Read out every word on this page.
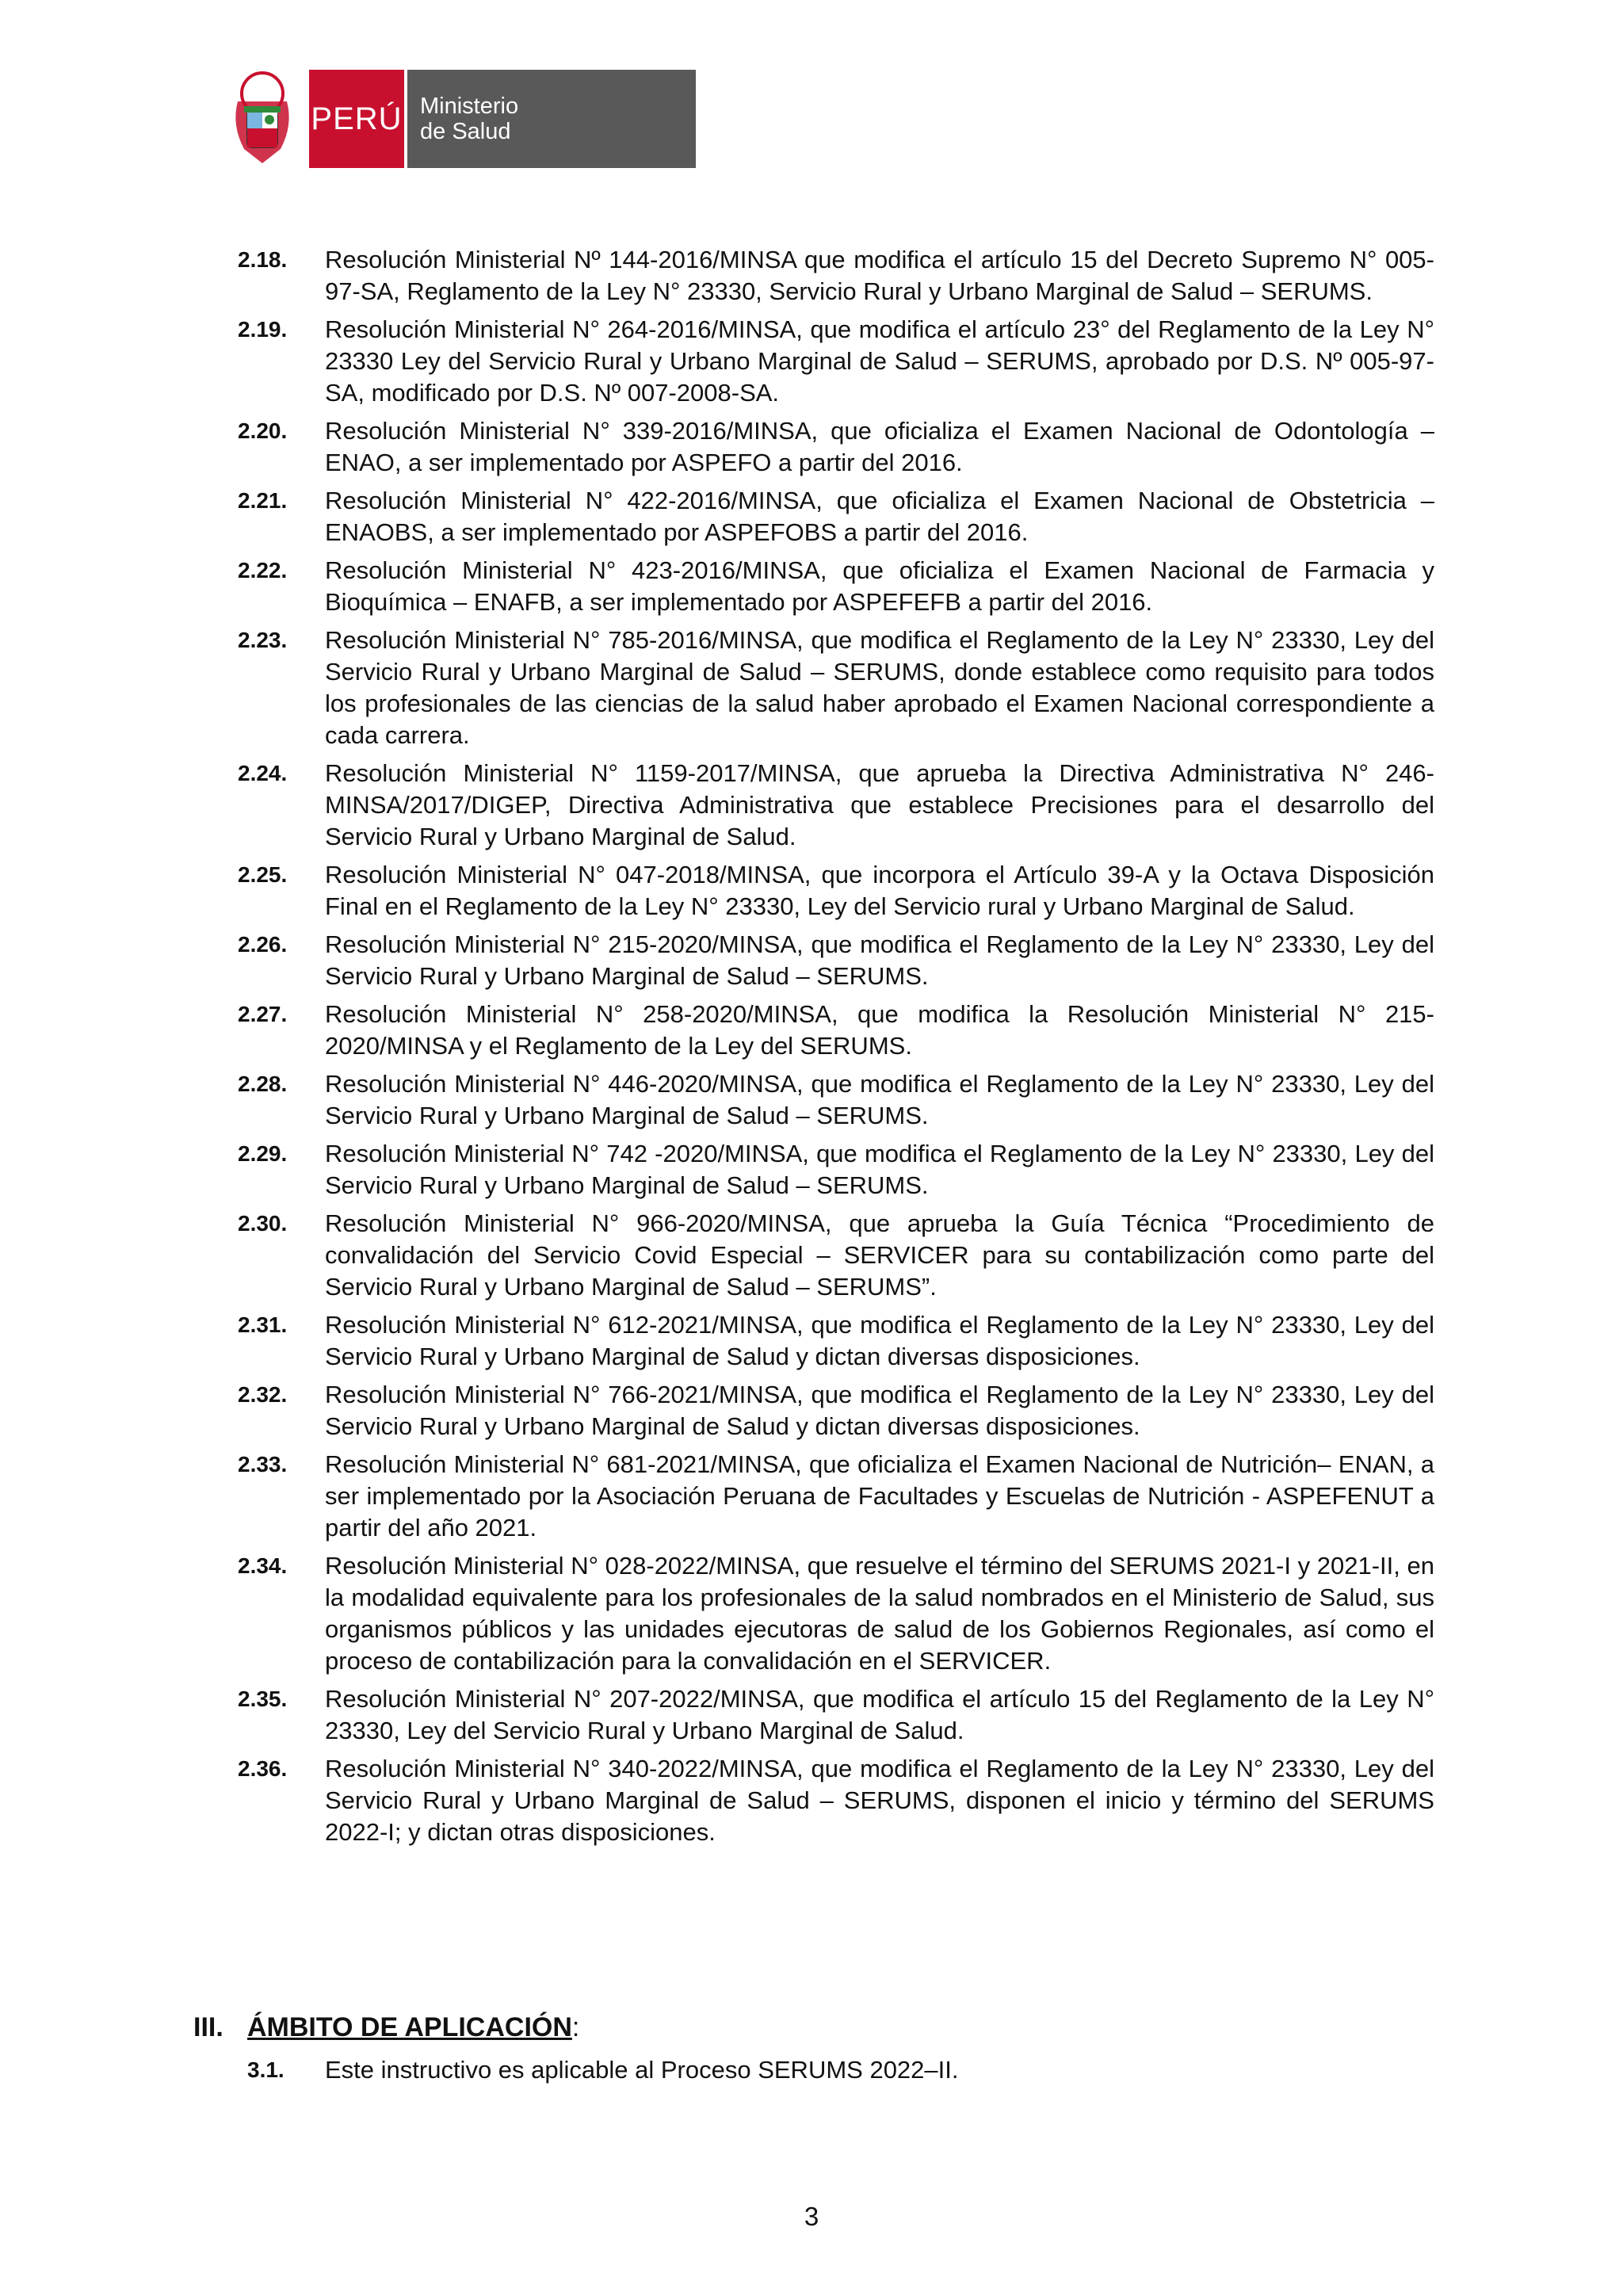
PERÚ Ministerio
de Salud
2.18.	Resolución Ministerial Nº 144-2016/MINSA que modifica el artículo 15 del Decreto Supremo N° 005-97-SA, Reglamento de la Ley N° 23330, Servicio Rural y Urbano Marginal de Salud – SERUMS.
2.19.	Resolución Ministerial N° 264-2016/MINSA, que modifica el artículo 23° del Reglamento de la Ley N° 23330 Ley del Servicio Rural y Urbano Marginal de Salud – SERUMS, aprobado por D.S. Nº 005-97-SA, modificado por D.S. Nº 007-2008-SA.
2.20.	Resolución Ministerial N° 339-2016/MINSA, que oficializa el Examen Nacional de Odontología – ENAO, a ser implementado por ASPEFO a partir del 2016.
2.21.	Resolución Ministerial N° 422-2016/MINSA, que oficializa el Examen Nacional de Obstetricia – ENAOBS, a ser implementado por ASPEFOBS a partir del 2016.
2.22.	Resolución Ministerial N° 423-2016/MINSA, que oficializa el Examen Nacional de Farmacia y Bioquímica – ENAFB, a ser implementado por ASPEFEFB a partir del 2016.
2.23.	Resolución Ministerial N° 785-2016/MINSA, que modifica el Reglamento de la Ley N° 23330, Ley del Servicio Rural y Urbano Marginal de Salud – SERUMS, donde establece como requisito para todos los profesionales de las ciencias de la salud haber aprobado el Examen Nacional correspondiente a cada carrera.
2.24.	Resolución Ministerial N° 1159-2017/MINSA, que aprueba la Directiva Administrativa N° 246-MINSA/2017/DIGEP, Directiva Administrativa que establece Precisiones para el desarrollo del Servicio Rural y Urbano Marginal de Salud.
2.25.	Resolución Ministerial N° 047-2018/MINSA, que incorpora el Artículo 39-A y la Octava Disposición Final en el Reglamento de la Ley N° 23330, Ley del Servicio rural y Urbano Marginal de Salud.
2.26.	Resolución Ministerial N° 215-2020/MINSA, que modifica el Reglamento de la Ley N° 23330, Ley del Servicio Rural y Urbano Marginal de Salud – SERUMS.
2.27.	Resolución Ministerial N° 258-2020/MINSA, que modifica la Resolución Ministerial N° 215-2020/MINSA y el Reglamento de la Ley del SERUMS.
2.28.	Resolución Ministerial N° 446-2020/MINSA, que modifica el Reglamento de la Ley N° 23330, Ley del Servicio Rural y Urbano Marginal de Salud – SERUMS.
2.29.	Resolución Ministerial N° 742 -2020/MINSA, que modifica el Reglamento de la Ley N° 23330, Ley del Servicio Rural y Urbano Marginal de Salud – SERUMS.
2.30.	Resolución Ministerial N° 966-2020/MINSA, que aprueba la Guía Técnica “Procedimiento de convalidación del Servicio Covid Especial – SERVICER para su contabilización como parte del Servicio Rural y Urbano Marginal de Salud – SERUMS”.
2.31.	Resolución Ministerial N° 612-2021/MINSA, que modifica el Reglamento de la Ley N° 23330, Ley del Servicio Rural y Urbano Marginal de Salud y dictan diversas disposiciones.
2.32.	Resolución Ministerial N° 766-2021/MINSA, que modifica el Reglamento de la Ley N° 23330, Ley del Servicio Rural y Urbano Marginal de Salud y dictan diversas disposiciones.
2.33.	Resolución Ministerial N° 681-2021/MINSA, que oficializa el Examen Nacional de Nutrición– ENAN, a ser implementado por la Asociación Peruana de Facultades y Escuelas de Nutrición - ASPEFENUT a partir del año 2021.
2.34.	Resolución Ministerial N° 028-2022/MINSA, que resuelve el término del SERUMS 2021-I y 2021-II, en la modalidad equivalente para los profesionales de la salud nombrados en el Ministerio de Salud, sus organismos públicos y las unidades ejecutoras de salud de los Gobiernos Regionales, así como el proceso de contabilización para la convalidación en el SERVICER.
2.35.	Resolución Ministerial N° 207-2022/MINSA, que modifica el artículo 15 del Reglamento de la Ley N° 23330, Ley del Servicio Rural y Urbano Marginal de Salud.
2.36.	Resolución Ministerial N° 340-2022/MINSA, que modifica el Reglamento de la Ley N° 23330, Ley del Servicio Rural y Urbano Marginal de Salud – SERUMS, disponen el inicio y término del SERUMS 2022-I; y dictan otras disposiciones.
III. ÁMBITO DE APLICACIÓN :
3.1.	Este instructivo es aplicable al Proceso SERUMS 2022–II.
3
